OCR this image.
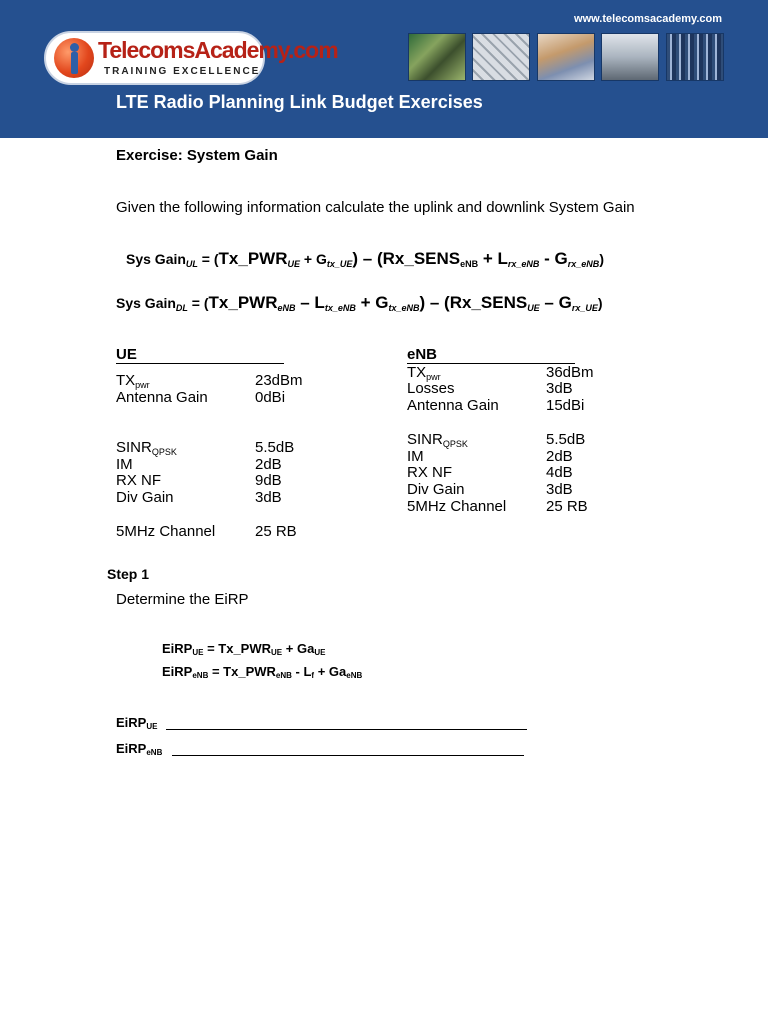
www.telecomsacademy.com
TelecomsAcademy.com
TRAINING EXCELLENCE
LTE Radio Planning Link Budget Exercises
Exercise: System Gain
Given the following information calculate the uplink and downlink System Gain
Sys Gain$_{UL}$ = $(Tx\_PWR_{UE} + G_{tx\_UE})$ – $(Rx\_SENS_{eNB} + L_{rx\_eNB} - G_{rx\_eNB})$
Sys Gain$_{DL}$ = $(Tx\_PWR_{eNB} - L_{tx\_eNB} + G_{tx\_eNB})$ – $(Rx\_SENS_{UE} - G_{rx\_UE})$
UE
$TX_{pwr}$	23dBm
Antenna Gain	0dBi
$SINR_{QPSK}$	5.5dB
IM	2dB
RX NF	9dB
Div Gain	3dB
5MHz Channel	25 RB
eNB
$TX_{pwr}$	36dBm
Losses	3dB
Antenna Gain	15dBi
$SINR_{QPSK}$	5.5dB
IM	2dB
RX NF	4dB
Div Gain	3dB
5MHz Channel	25 RB
Step 1
Determine the EiRP
EiRP$_{UE}$ = $Tx\_PWR_{UE} + Ga_{UE}$
EiRP$_{eNB}$ = $Tx\_PWR_{eNB} - L_f + Ga_{eNB}$
EiRP$_{UE}$
EiRP$_{eNB}$
